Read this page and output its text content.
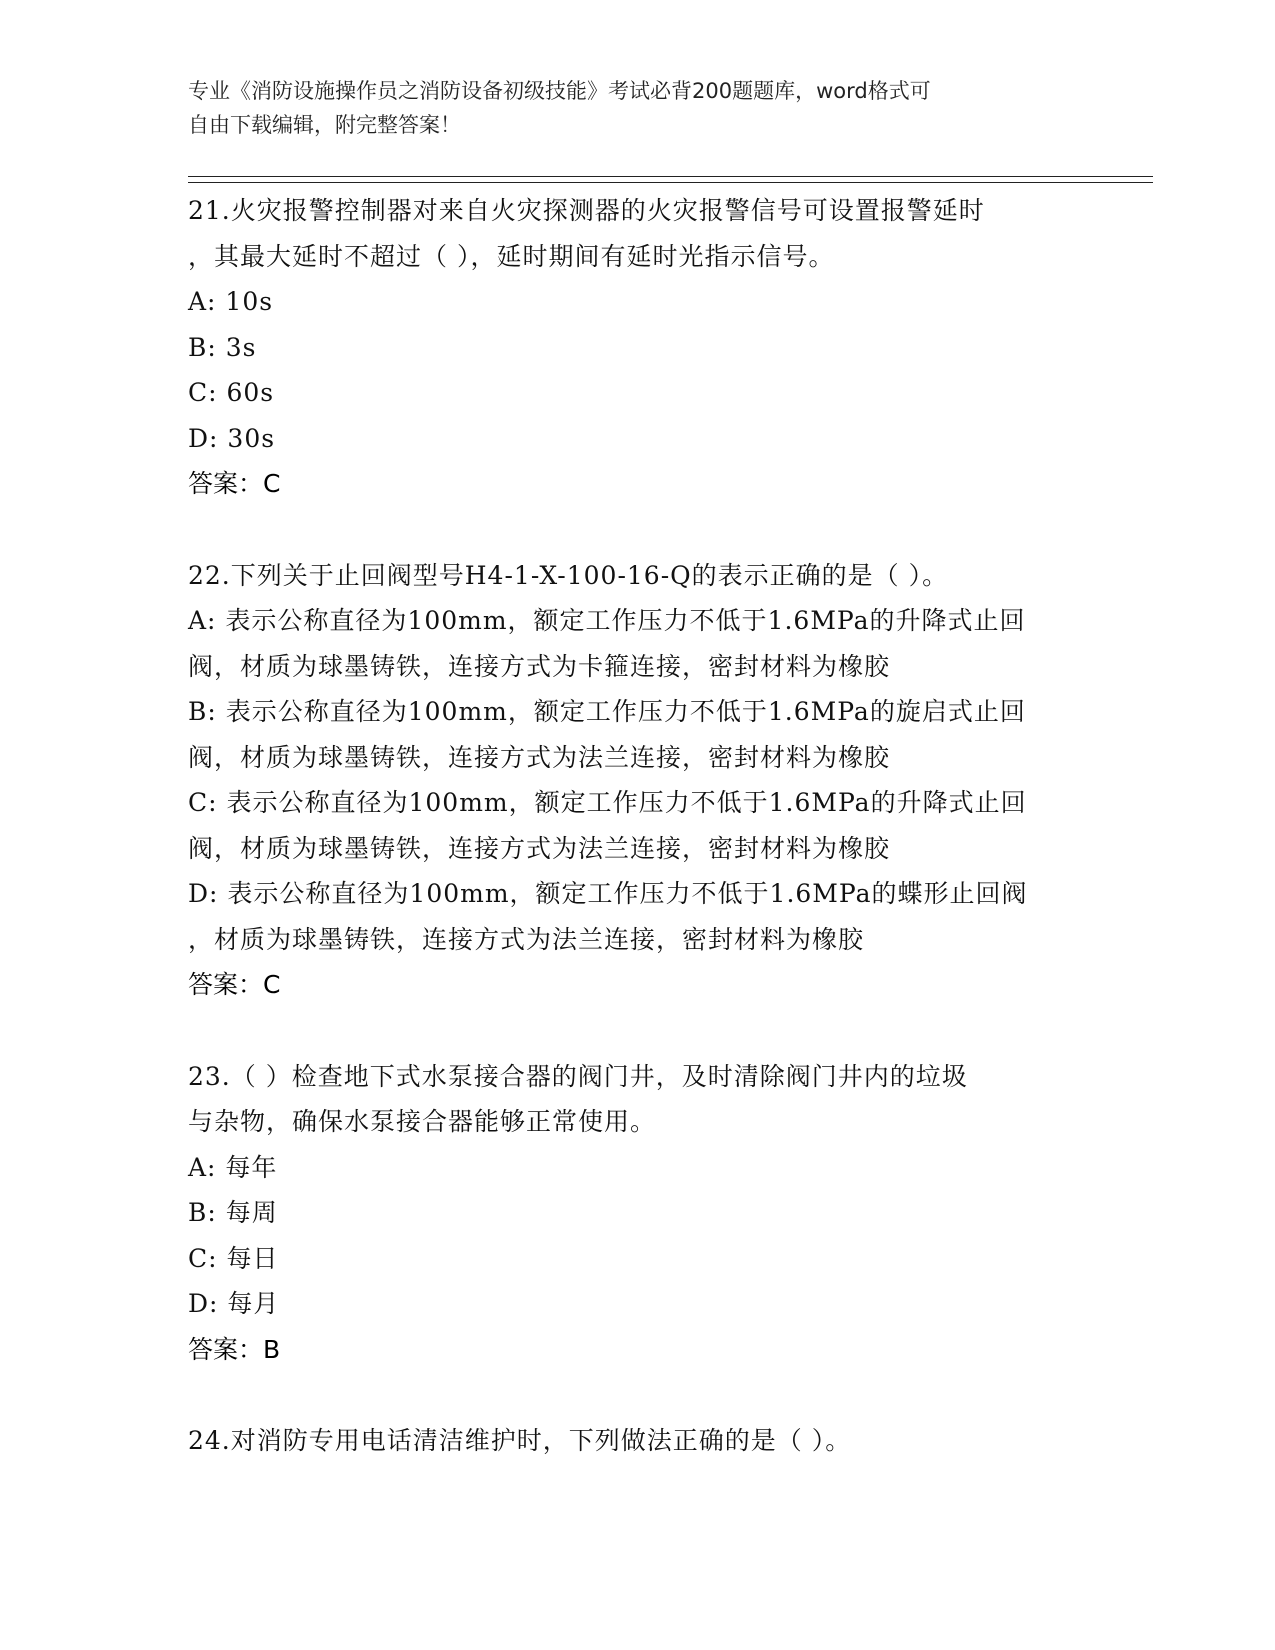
专业《消防设施操作员之消防设备初级技能》考试必背200题题库，word格式可
自由下载编辑，附完整答案！
21.火灾报警控制器对来自火灾探测器的火灾报警信号可设置报警延时
，其最大延时不超过（ ），延时期间有延时光指示信号。
A: 10s
B: 3s
C: 60s
D: 30s
答案：C
22.下列关于止回阀型号H4-1-X-100-16-Q的表示正确的是（ ）。
A: 表示公称直径为100mm，额定工作压力不低于1.6MPa的升降式止回
阀，材质为球墨铸铁，连接方式为卡箍连接，密封材料为橡胶
B: 表示公称直径为100mm，额定工作压力不低于1.6MPa的旋启式止回
阀，材质为球墨铸铁，连接方式为法兰连接，密封材料为橡胶
C: 表示公称直径为100mm，额定工作压力不低于1.6MPa的升降式止回
阀，材质为球墨铸铁，连接方式为法兰连接，密封材料为橡胶
D: 表示公称直径为100mm，额定工作压力不低于1.6MPa的蝶形止回阀
，材质为球墨铸铁，连接方式为法兰连接，密封材料为橡胶
答案：C
23.（ ）检查地下式水泵接合器的阀门井，及时清除阀门井内的垃圾
与杂物，确保水泵接合器能够正常使用。
A: 每年
B: 每周
C: 每日
D: 每月
答案：B
24.对消防专用电话清洁维护时，下列做法正确的是（ ）。
